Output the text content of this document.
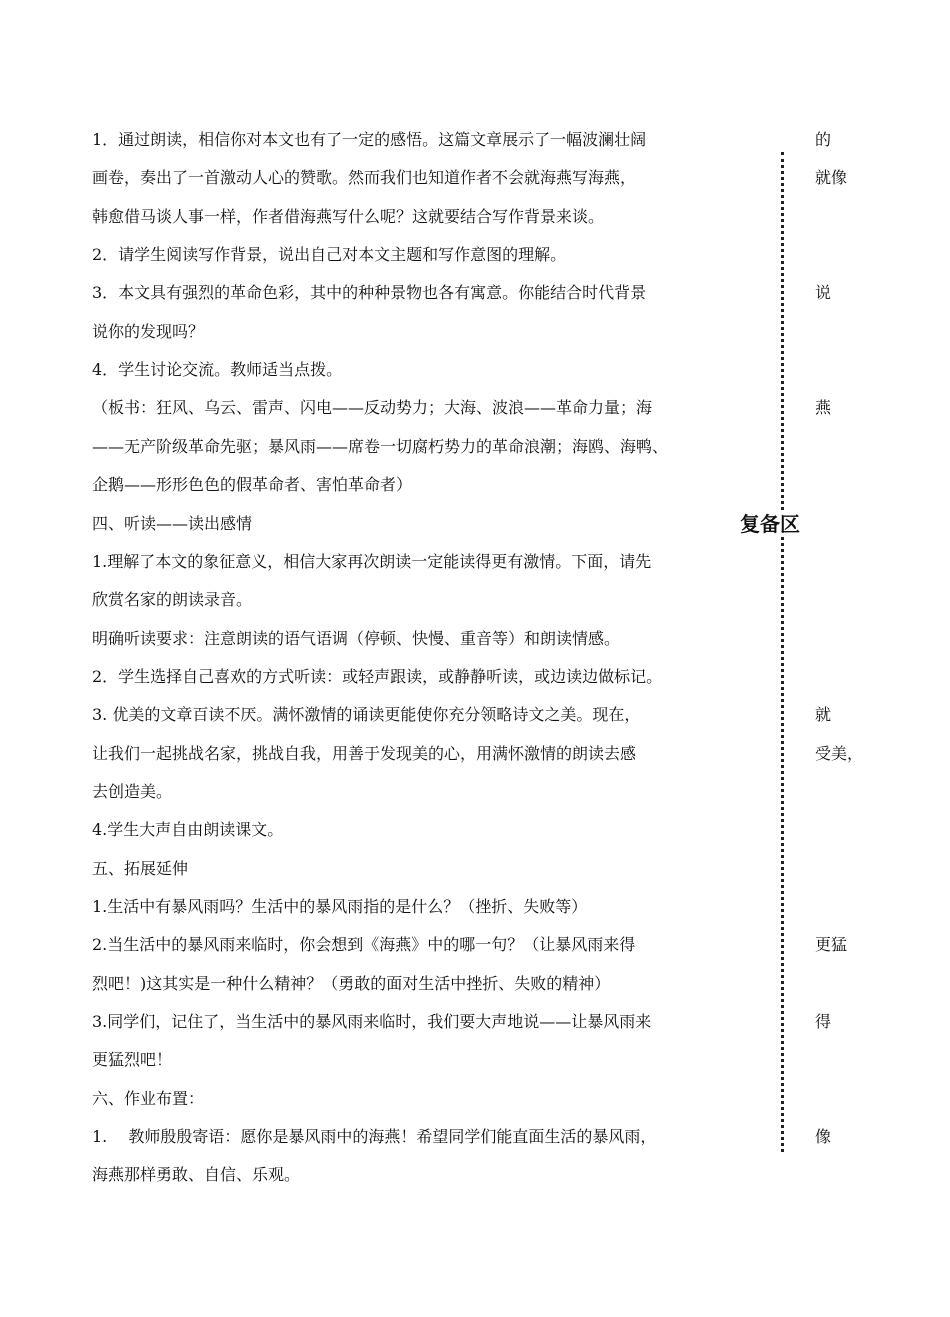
1．通过朗读，相信你对本文也有了一定的感悟。这篇文章展示了一幅波澜壮阔
画卷，奏出了一首激动人心的赞歌。然而我们也知道作者不会就海燕写海燕，
韩愈借马谈人事一样，作者借海燕写什么呢？这就要结合写作背景来谈。
2．请学生阅读写作背景，说出自己对本文主题和写作意图的理解。
3．本文具有强烈的革命色彩，其中的种种景物也各有寓意。你能结合时代背景
说你的发现吗？
4．学生讨论交流。教师适当点拨。
（板书：狂风、乌云、雷声、闪电——反动势力；大海、波浪——革命力量；海
——无产阶级革命先驱；暴风雨——席卷一切腐朽势力的革命浪潮；海鸥、海鸭、
企鹅——形形色色的假革命者、害怕革命者）
四、听读——读出感情
1.理解了本文的象征意义，相信大家再次朗读一定能读得更有激情。下面，请先
欣赏名家的朗读录音。
明确听读要求：注意朗读的语气语调（停顿、快慢、重音等）和朗读情感。
2．学生选择自己喜欢的方式听读：或轻声跟读，或静静听读，或边读边做标记。
3. 优美的文章百读不厌。满怀激情的诵读更能使你充分领略诗文之美。现在，
让我们一起挑战名家，挑战自我，用善于发现美的心，用满怀激情的朗读去感
去创造美。
4.学生大声自由朗读课文。
五、拓展延伸
1.生活中有暴风雨吗？生活中的暴风雨指的是什么？（挫折、失败等）
2.当生活中的暴风雨来临时，你会想到《海燕》中的哪一句？（让暴风雨来得
烈吧！)这其实是一种什么精神？（勇敢的面对生活中挫折、失败的精神）
3.同学们，记住了，当生活中的暴风雨来临时，我们要大声地说——让暴风雨来
更猛烈吧！
六、作业布置：
1.　 教师殷殷寄语：愿你是暴风雨中的海燕！希望同学们能直面生活的暴风雨，
海燕那样勇敢、自信、乐观。
复备区
的
就像
说
燕
就
受美，
更猛
得
像
